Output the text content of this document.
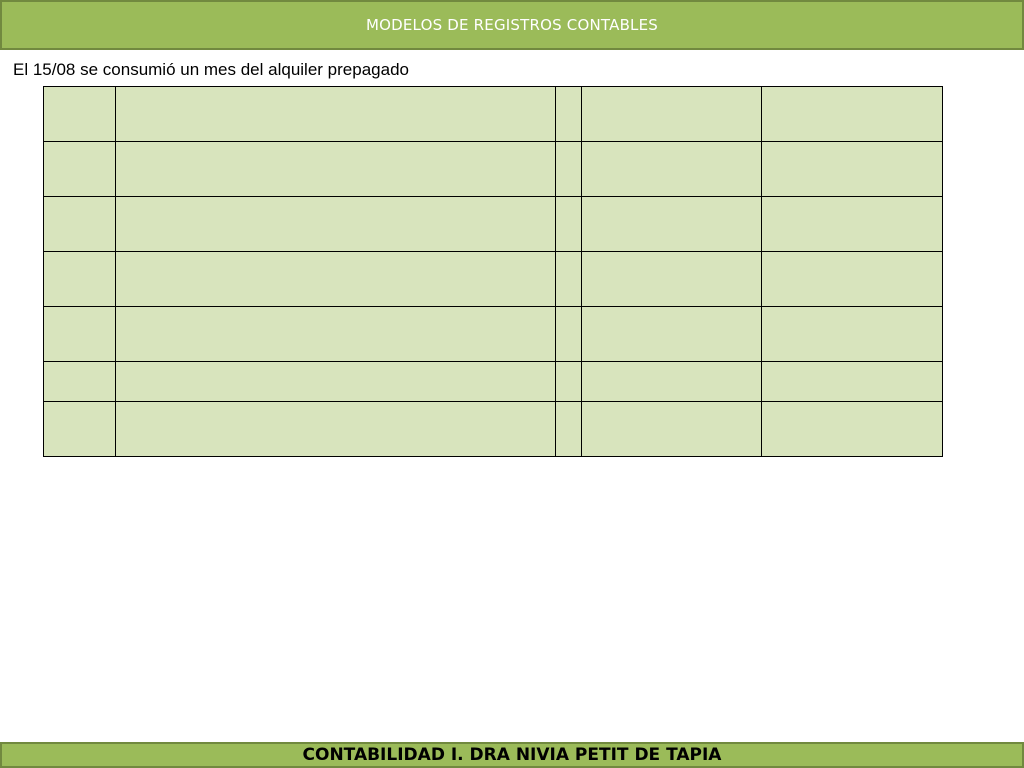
MODELOS DE REGISTROS CONTABLES
El 15/08 se consumió un mes del alquiler prepagado

CONTABILIDAD I. DRA NIVIA PETIT DE TAPIA
